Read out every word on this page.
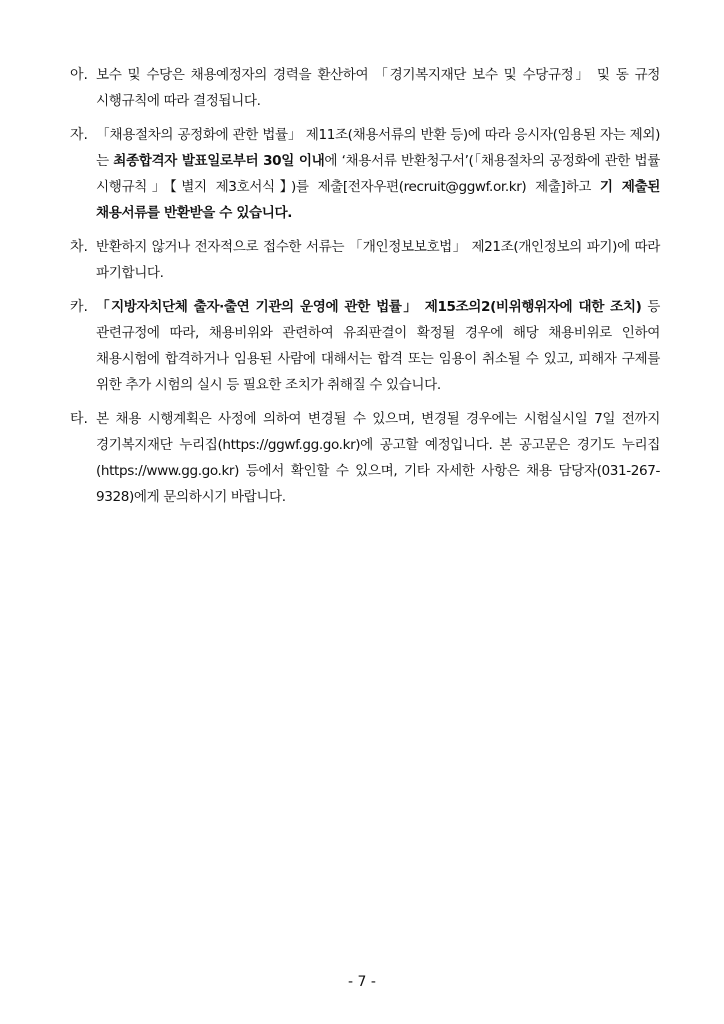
아. 보수 및 수당은 채용예정자의 경력을 환산하여 「경기복지재단 보수 및 수당규정」 및 동 규정 시행규칙에 따라 결정됩니다.
자. 「채용절차의 공정화에 관한 법률」 제11조(채용서류의 반환 등)에 따라 응시자(임용된 자는 제외)는 최종합격자 발표일로부터 30일 이내에 ‘채용서류 반환청구서’(「채용절차의 공정화에 관한 법률 시행규칙」【별지 제3호서식】)를 제출[전자우편(recruit@ggwf.or.kr) 제출]하고 기 제출된 채용서류를 반환받을 수 있습니다.
차. 반환하지 않거나 전자적으로 접수한 서류는 「개인정보보호법」 제21조(개인정보의 파기)에 따라 파기합니다.
카. 「지방자치단체 출자·출연 기관의 운영에 관한 법률」 제15조의2(비위행위자에 대한 조치) 등 관련규정에 따라, 채용비위와 관련하여 유죄판결이 확정될 경우에 해당 채용비위로 인하여 채용시험에 합격하거나 임용된 사람에 대해서는 합격 또는 임용이 취소될 수 있고, 피해자 구제를 위한 추가 시험의 실시 등 필요한 조치가 취해질 수 있습니다.
타. 본 채용 시행계획은 사정에 의하여 변경될 수 있으며, 변경될 경우에는 시험실시일 7일 전까지 경기복지재단 누리집(https://ggwf.gg.go.kr)에 공고할 예정입니다. 본 공고문은 경기도 누리집(https://www.gg.go.kr) 등에서 확인할 수 있으며, 기타 자세한 사항은 채용 담당자(031-267-9328)에게 문의하시기 바랍니다.
- 7 -
